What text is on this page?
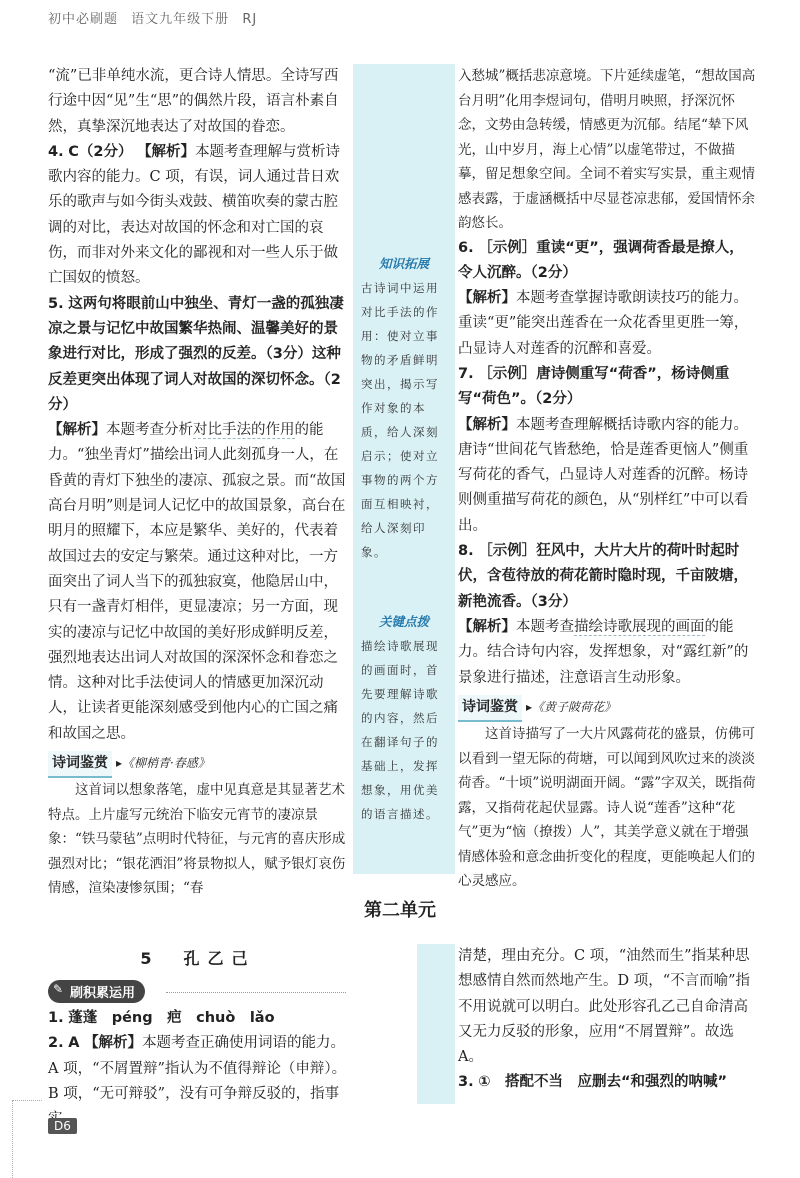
初中必刷题 语文九年级下册 RJ
知识拓展
古诗词中运用对比手法的作用：使对立事物的矛盾鲜明突出，揭示写作对象的本质，给人深刻启示；使对立事物的两个方面互相映衬，给人深刻印象。
关键点拨
描绘诗歌展现的画面时，首先要理解诗歌的内容，然后在翻译句子的基础上，发挥想象，用优美的语言描述。

“流”已非单纯水流，更合诗人情思。全诗写西行途中因“见”生“思”的偶然片段，语言朴素自然，真挚深沉地表达了对故国的眷恋。

4. C（2分） 【解析】本题考查理解与赏析诗歌内容的能力。C 项，有误，词人通过昔日欢乐的歌声与如今街头戏鼓、横笛吹奏的蒙古腔调的对比，表达对故国的怀念和对亡国的哀伤，而非对外来文化的鄙视和对一些人乐于做亡国奴的愤怒。

5. 这两句将眼前山中独坐、青灯一盏的孤独凄凉之景与记忆中故国繁华热闹、温馨美好的景象进行对比，形成了强烈的反差。（3分）这种反差更突出体现了词人对故国的深切怀念。（2分）

【解析】本题考查分析对比手法的作用的能力。“独坐青灯”描绘出词人此刻孤身一人，在昏黄的青灯下独坐的凄凉、孤寂之景。而“故国高台月明”则是词人记忆中的故国景象，高台在明月的照耀下，本应是繁华、美好的，代表着故国过去的安定与繁荣。通过这种对比，一方面突出了词人当下的孤独寂寞，他隐居山中，只有一盏青灯相伴，更显凄凉；另一方面，现实的凄凉与记忆中故国的美好形成鲜明反差，强烈地表达出词人对故国的深深怀念和眷恋之情。这种对比手法使词人的情感更加深沉动人，让读者更能深刻感受到他内心的亡国之痛和故国之思。

诗词鉴赏 ▸《柳梢青·春感》

这首词以想象落笔，虚中见真意是其显著艺术特点。上片虚写元统治下临安元宵节的凄凉景象：“铁马蒙毡”点明时代特征，与元宵的喜庆形成强烈对比；“银花洒泪”将景物拟人，赋予银灯哀伤情感，渲染凄惨氛围；“春

入愁城”概括悲凉意境。下片延续虚笔，“想故国高台月明”化用李煜词句，借明月映照，抒深沉怀念，文势由急转缓，情感更为沉郁。结尾“辇下风光，山中岁月，海上心情”以虚笔带过，不做描摹，留足想象空间。全词不着实写实景，重主观情感表露，于虚涵概括中尽显苍凉悲郁，爱国情怀余韵悠长。

6. ［示例］重读“更”，强调荷香最是撩人，令人沉醉。（2分）

【解析】本题考查掌握诗歌朗读技巧的能力。重读“更”能突出莲香在一众花香里更胜一筹，凸显诗人对莲香的沉醉和喜爱。

7. ［示例］唐诗侧重写“荷香”，杨诗侧重写“荷色”。（2分）

【解析】本题考查理解概括诗歌内容的能力。唐诗“世间花气皆愁绝，恰是莲香更恼人”侧重写荷花的香气，凸显诗人对莲香的沉醉。杨诗则侧重描写荷花的颜色，从“别样红”中可以看出。

8. ［示例］狂风中，大片大片的荷叶时起时伏，含苞待放的荷花箭时隐时现，千亩陂塘，新艳流香。（3分）

【解析】本题考查描绘诗歌展现的画面的能力。结合诗句内容，发挥想象，对“露红新”的景象进行描述，注意语言生动形象。

诗词鉴赏 ▸《黄子陂荷花》

这首诗描写了一大片风露荷花的盛景，仿佛可以看到一望无际的荷塘，可以闻到风吹过来的淡淡荷香。“十顷”说明湖面开阔。“露”字双关，既指荷露，又指荷花起伏显露。诗人说“莲香”这种“花气”更为“恼（撩拨）人”，其美学意义就在于增强情感体验和意念曲折变化的程度，更能唤起人们的心灵感应。

第二单元
5　孔乙己
✎ 刷积累运用

1. 蓬蓬　péng　疤　chuò　lǎo

2. A 【解析】本题考查正确使用词语的能力。A 项，“不屑置辩”指认为不值得辩论（申辩）。B 项，“无可辩驳”，没有可争辩反驳的，指事

清楚，理由充分。C 项，“油然而生”指某种思想感情自然而然地产生。D 项，“不言而喻”指不用说就可以明白。此处形容孔乙己自命清高又无力反驳的形象，应用“不屑置辩”。故选 A。

3. ①　搭配不当　应删去“和强烈的呐喊”

D6
